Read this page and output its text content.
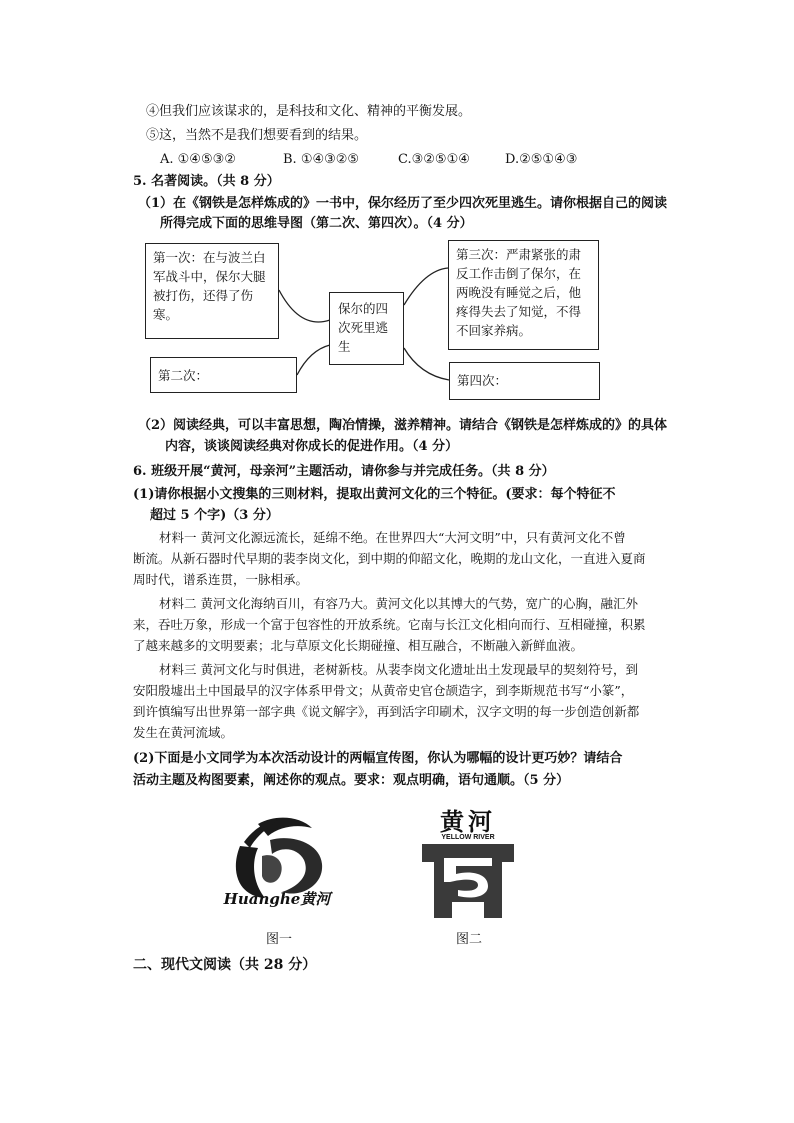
④但我们应该谋求的，是科技和文化、精神的平衡发展。
⑤这，当然不是我们想要看到的结果。
A. ①④⑤③②	B. ①④③②⑤	C.③②⑤①④	D.②⑤①④③
5. 名著阅读。（共 8 分）
（1）在《钢铁是怎样炼成的》一书中，保尔经历了至少四次死里逃生。请你根据自己的阅读
所得完成下面的思维导图（第二次、第四次）。（4 分）
第一次：在与波兰白
军战斗中，保尔大腿
被打伤，还得了伤
寒。
第二次：
保尔的四
次死里逃
生
第三次：严肃紧张的肃
反工作击倒了保尔，在
两晚没有睡觉之后，他
疼得失去了知觉，不得
不回家养病。
第四次：
（2）阅读经典，可以丰富思想，陶冶情操，滋养精神。请结合《钢铁是怎样炼成的》的具体
内容，谈谈阅读经典对你成长的促进作用。（4 分）
6. 班级开展“黄河，母亲河”主题活动，请你参与并完成任务。（共 8 分）
(1)请你根据小文搜集的三则材料，提取出黄河文化的三个特征。(要求：每个特征不
超过 5 个字)（3 分）
材料一 黄河文化源远流长，延绵不绝。在世界四大“大河文明”中，只有黄河文化不曾
断流。从新石器时代早期的裴李岗文化，到中期的仰韶文化，晚期的龙山文化，一直进入夏商
周时代，谱系连贯，一脉相承。
材料二 黄河文化海纳百川，有容乃大。黄河文化以其博大的气势，宽广的心胸，融汇外
来，吞吐万象，形成一个富于包容性的开放系统。它南与长江文化相向而行、互相碰撞，积累
了越来越多的文明要素；北与草原文化长期碰撞、相互融合，不断融入新鲜血液。
材料三 黄河文化与时俱进，老树新枝。从裴李岗文化遗址出土发现最早的契刻符号，到
安阳殷墟出土中国最早的汉字体系甲骨文；从黄帝史官仓颉造字，到李斯规范书写“小篆”，
到许慎编写出世界第一部字典《说文解字》，再到活字印刷术，汉字文明的每一步创造创新都
发生在黄河流域。
(2)下面是小文同学为本次活动设计的两幅宣传图，你认为哪幅的设计更巧妙？请结合
活动主题及构图要素，阐述你的观点。要求：观点明确，语句通顺。（5 分）
Huanghe黄河
黄河
YELLOW RIVER
图一	图二
二、现代文阅读（共 28 分）
